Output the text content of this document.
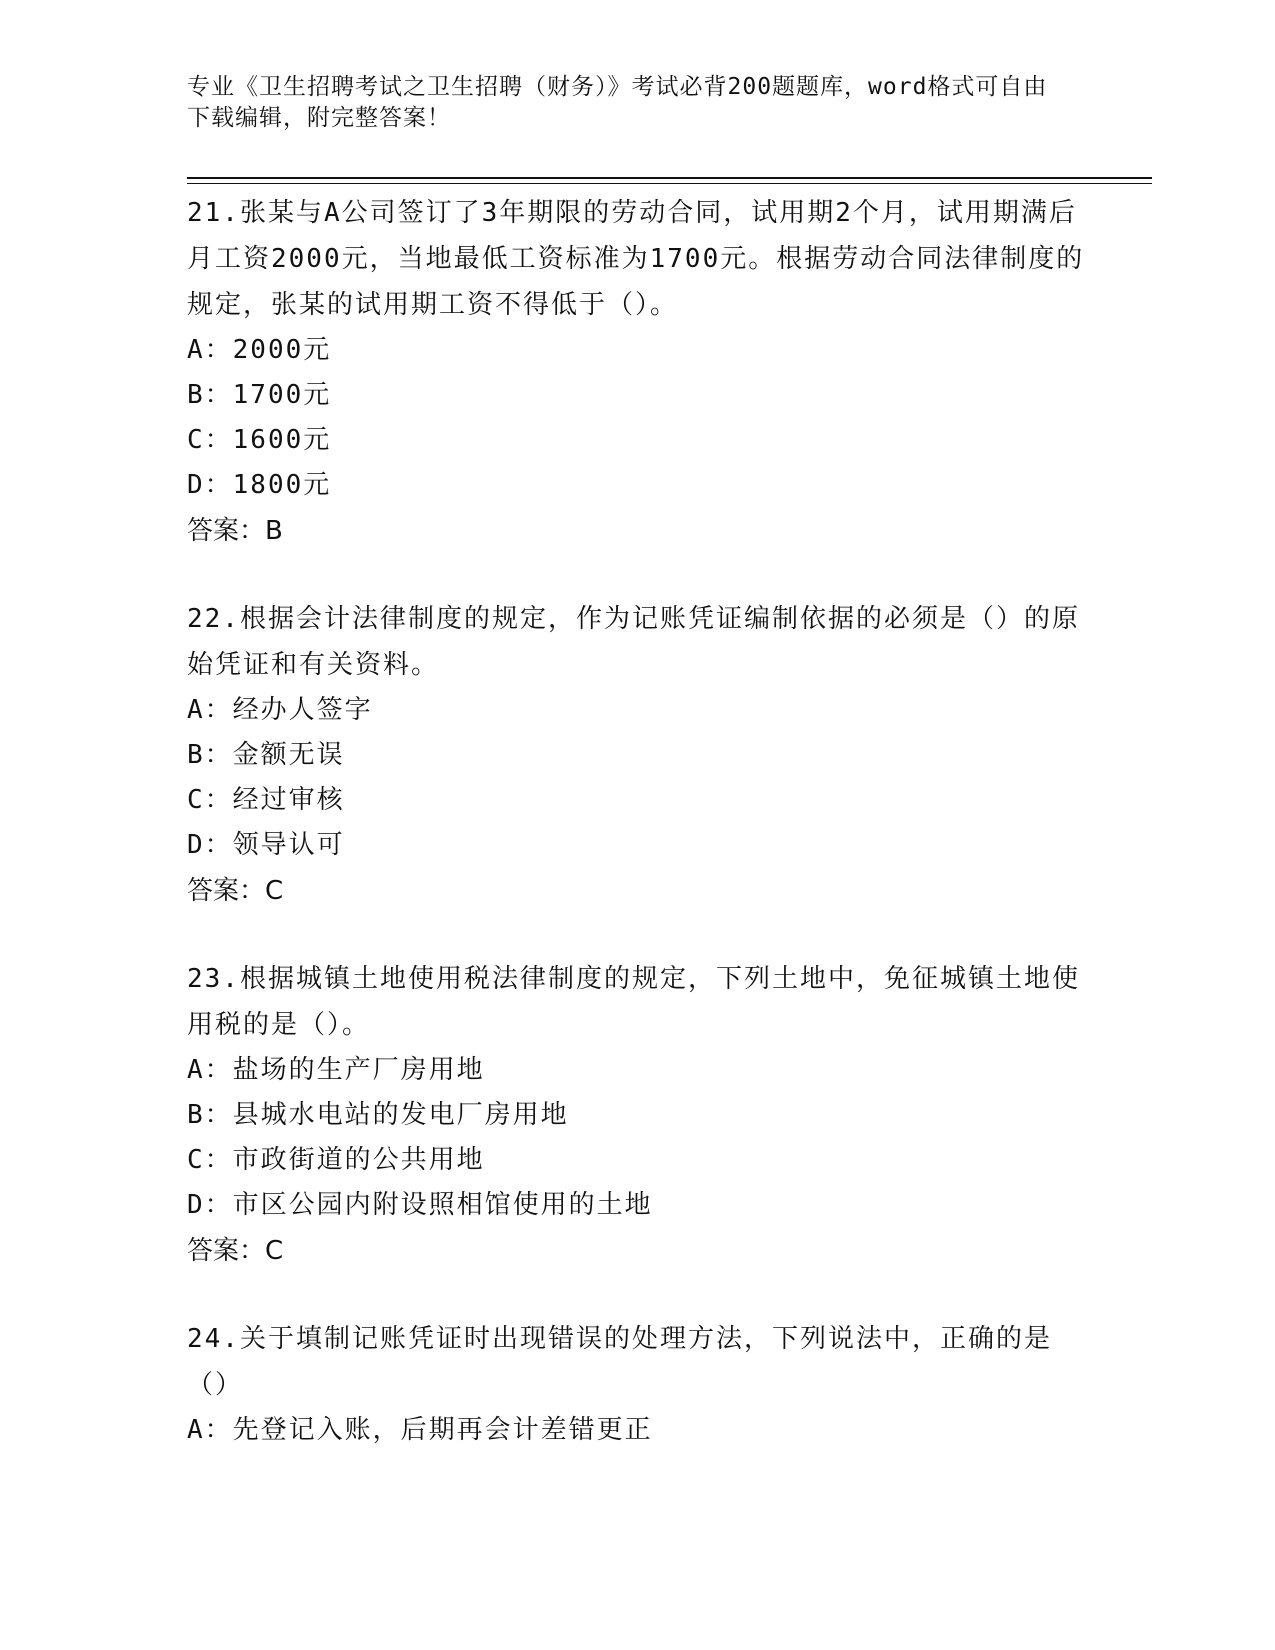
专业《卫生招聘考试之卫生招聘（财务）》考试必背200题题库，word格式可自由下载编辑，附完整答案！

21.张某与A公司签订了3年期限的劳动合同，试用期2个月，试用期满后月工资2000元，当地最低工资标准为1700元。根据劳动合同法律制度的规定，张某的试用期工资不得低于（）。

A：2000元

B：1700元

C：1600元

D：1800元

答案：B

22.根据会计法律制度的规定，作为记账凭证编制依据的必须是（）的原始凭证和有关资料。

A：经办人签字

B：金额无误

C：经过审核

D：领导认可

答案：C

23.根据城镇土地使用税法律制度的规定，下列土地中，免征城镇土地使用税的是（）。

A：盐场的生产厂房用地

B：县城水电站的发电厂房用地

C：市政街道的公共用地

D：市区公园内附设照相馆使用的土地

答案：C

24.关于填制记账凭证时出现错误的处理方法，下列说法中，正确的是（）

A：先登记入账，后期再会计差错更正
